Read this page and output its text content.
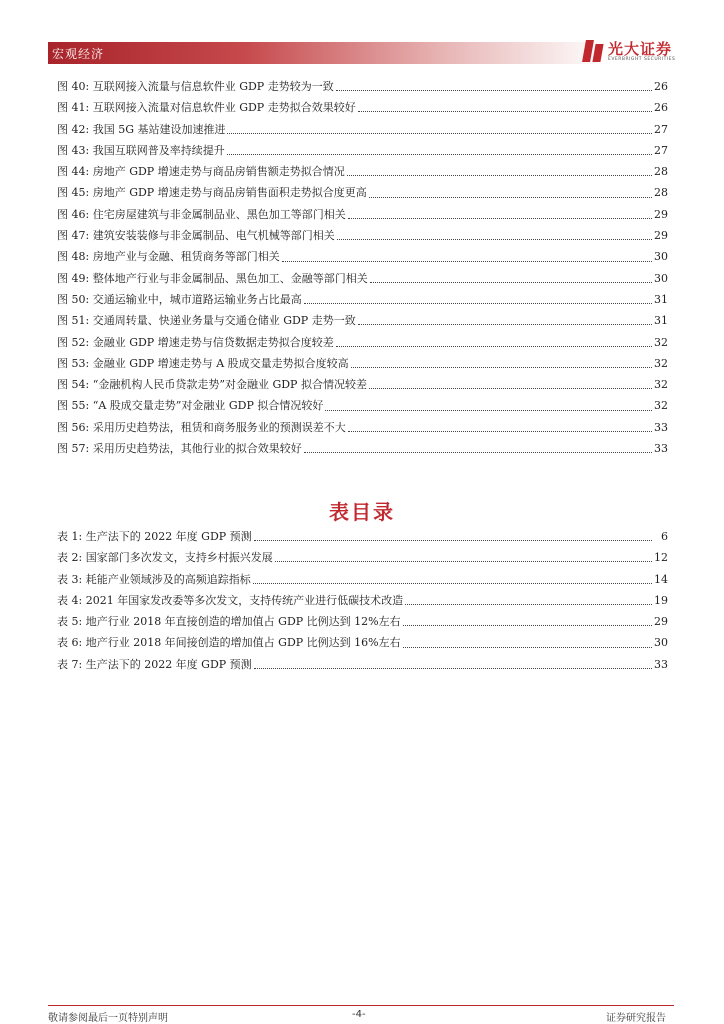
宏观经济	光大证券
EVERBRIGHT SECURITIES
图 40: 互联网接入流量与信息软件业 GDP 走势较为一致	26
图 41: 互联网接入流量对信息软件业 GDP 走势拟合效果较好	26
图 42: 我国 5G 基站建设加速推进	27
图 43: 我国互联网普及率持续提升	27
图 44: 房地产 GDP 增速走势与商品房销售额走势拟合情况	28
图 45: 房地产 GDP 增速走势与商品房销售面积走势拟合度更高	28
图 46: 住宅房屋建筑与非金属制品业、黑色加工等部门相关	29
图 47: 建筑安装装修与非金属制品、电气机械等部门相关	29
图 48: 房地产业与金融、租赁商务等部门相关	30
图 49: 整体地产行业与非金属制品、黑色加工、金融等部门相关	30
图 50: 交通运输业中，城市道路运输业务占比最高	31
图 51: 交通周转量、快递业务量与交通仓储业 GDP 走势一致	31
图 52: 金融业 GDP 增速走势与信贷数据走势拟合度较差	32
图 53: 金融业 GDP 增速走势与 A 股成交量走势拟合度较高	32
图 54: “金融机构人民币贷款走势”对金融业 GDP 拟合情况较差	32
图 55: “A 股成交量走势”对金融业 GDP 拟合情况较好	32
图 56: 采用历史趋势法，租赁和商务服务业的预测误差不大	33
图 57: 采用历史趋势法，其他行业的拟合效果较好	33
表目录
表 1: 生产法下的 2022 年度 GDP 预测	6
表 2: 国家部门多次发文，支持乡村振兴发展	12
表 3: 耗能产业领域涉及的高频追踪指标	14
表 4: 2021 年国家发改委等多次发文，支持传统产业进行低碳技术改造	19
表 5: 地产行业 2018 年直接创造的增加值占 GDP 比例达到 12%左右	29
表 6: 地产行业 2018 年间接创造的增加值占 GDP 比例达到 16%左右	30
表 7: 生产法下的 2022 年度 GDP 预测	33
敬请参阅最后一页特别声明	-4-	证券研究报告
